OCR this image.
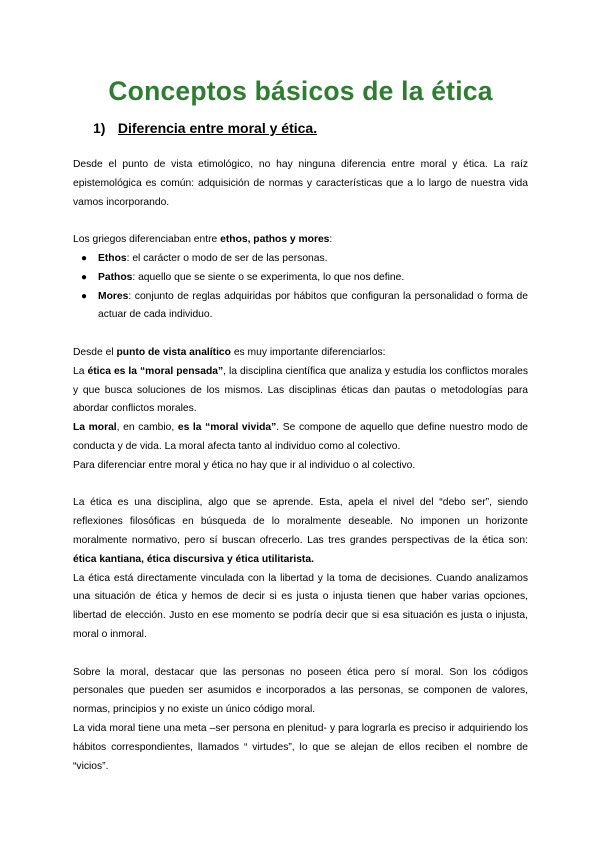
Conceptos básicos de la ética
1) Diferencia entre moral y ética.

Desde el punto de vista etimológico, no hay ninguna diferencia entre moral y ética. La raíz epistemológica es común: adquisición de normas y características que a lo largo de nuestra vida vamos incorporando.

Los griegos diferenciaban entre ethos, pathos y mores:

● Ethos: el carácter o modo de ser de las personas.
● Pathos: aquello que se siente o se experimenta, lo que nos define.
● Mores: conjunto de reglas adquiridas por hábitos que configuran la personalidad o forma de actuar de cada individuo.

Desde el punto de vista analítico es muy importante diferenciarlos:

La ética es la “moral pensada”, la disciplina científica que analiza y estudia los conflictos morales y que busca soluciones de los mismos. Las disciplinas éticas dan pautas o metodologías para abordar conflictos morales.

La moral, en cambio, es la “moral vivida”. Se compone de aquello que define nuestro modo de conducta y de vida. La moral afecta tanto al individuo como al colectivo.

Para diferenciar entre moral y ética no hay que ir al individuo o al colectivo.

La ética es una disciplina, algo que se aprende. Esta, apela el nivel del “debo ser”, siendo reflexiones filosóficas en búsqueda de lo moralmente deseable. No imponen un horizonte moralmente normativo, pero sí buscan ofrecerlo. Las tres grandes perspectivas de la ética son: ética kantiana, ética discursiva y ética utilitarista.

La ética está directamente vinculada con la libertad y la toma de decisiones. Cuando analizamos una situación de ética y hemos de decir si es justa o injusta tienen que haber varias opciones, libertad de elección. Justo en ese momento se podría decir que si esa situación es justa o injusta, moral o inmoral.

Sobre la moral, destacar que las personas no poseen ética pero sí moral. Son los códigos personales que pueden ser asumidos e incorporados a las personas, se componen de valores, normas, principios y no existe un único código moral.

La vida moral tiene una meta –ser persona en plenitud- y para lograrla es preciso ir adquiriendo los hábitos correspondientes, llamados “ virtudes”, lo que se alejan de ellos reciben el nombre de “vicios”.
